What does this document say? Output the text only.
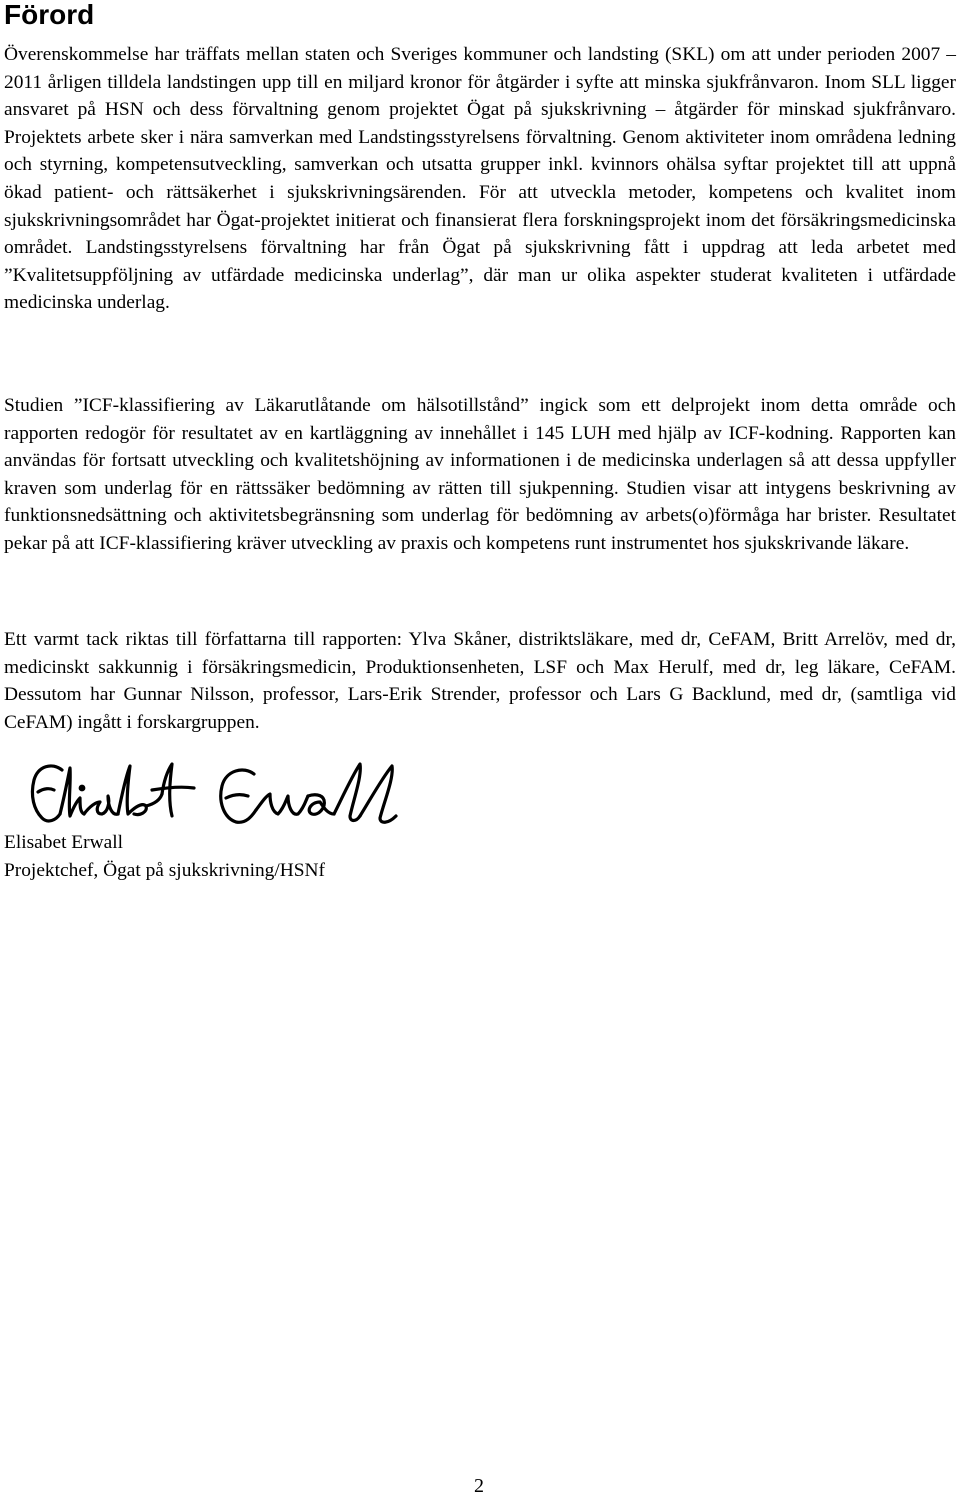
Förord

Överenskommelse har träffats mellan staten och Sveriges kommuner och landsting (SKL) om att under perioden 2007 – 2011 årligen tilldela landstingen upp till en miljard kronor för åtgärder i syfte att minska sjukfrånvaron. Inom SLL ligger ansvaret på HSN och dess förvaltning genom projektet Ögat på sjukskrivning – åtgärder för minskad sjukfrånvaro. Projektets arbete sker i nära samverkan med Landstingsstyrelsens förvaltning. Genom aktiviteter inom områdena ledning och styrning, kompetensutveckling, samverkan och utsatta grupper inkl. kvinnors ohälsa syftar projektet till att uppnå ökad patient- och rättsäkerhet i sjukskrivningsärenden. För att utveckla metoder, kompetens och kvalitet inom sjukskrivningsområdet har Ögat-projektet initierat och finansierat flera forskningsprojekt inom det försäkringsmedicinska området. Landstingsstyrelsens förvaltning har från Ögat på sjukskrivning fått i uppdrag att leda arbetet med ”Kvalitetsuppföljning av utfärdade medicinska underlag”, där man ur olika aspekter studerat kvaliteten i utfärdade medicinska underlag.

Studien ”ICF-klassifiering av Läkarutlåtande om hälsotillstånd” ingick som ett delprojekt inom detta område och rapporten redogör för resultatet av en kartläggning av innehållet i 145 LUH med hjälp av ICF-kodning. Rapporten kan användas för fortsatt utveckling och kvalitetshöjning av informationen i de medicinska underlagen så att dessa uppfyller kraven som underlag för en rättssäker bedömning av rätten till sjukpenning. Studien visar att intygens beskrivning av funktionsnedsättning och aktivitetsbegränsning som underlag för bedömning av arbets(o)förmåga har brister. Resultatet pekar på att ICF-klassifiering kräver utveckling av praxis och kompetens runt instrumentet hos sjukskrivande läkare.

Ett varmt tack riktas till författarna till rapporten: Ylva Skåner, distriktsläkare, med dr, CeFAM, Britt Arrelöv, med dr, medicinskt sakkunnig i försäkringsmedicin, Produktionsenheten, LSF och Max Herulf, med dr, leg läkare, CeFAM. Dessutom har Gunnar Nilsson, professor, Lars-Erik Strender, professor och Lars G Backlund, med dr, (samtliga vid CeFAM) ingått i forskargruppen.

Elisabet Erwall
Projektchef, Ögat på sjukskrivning/HSNf
2
